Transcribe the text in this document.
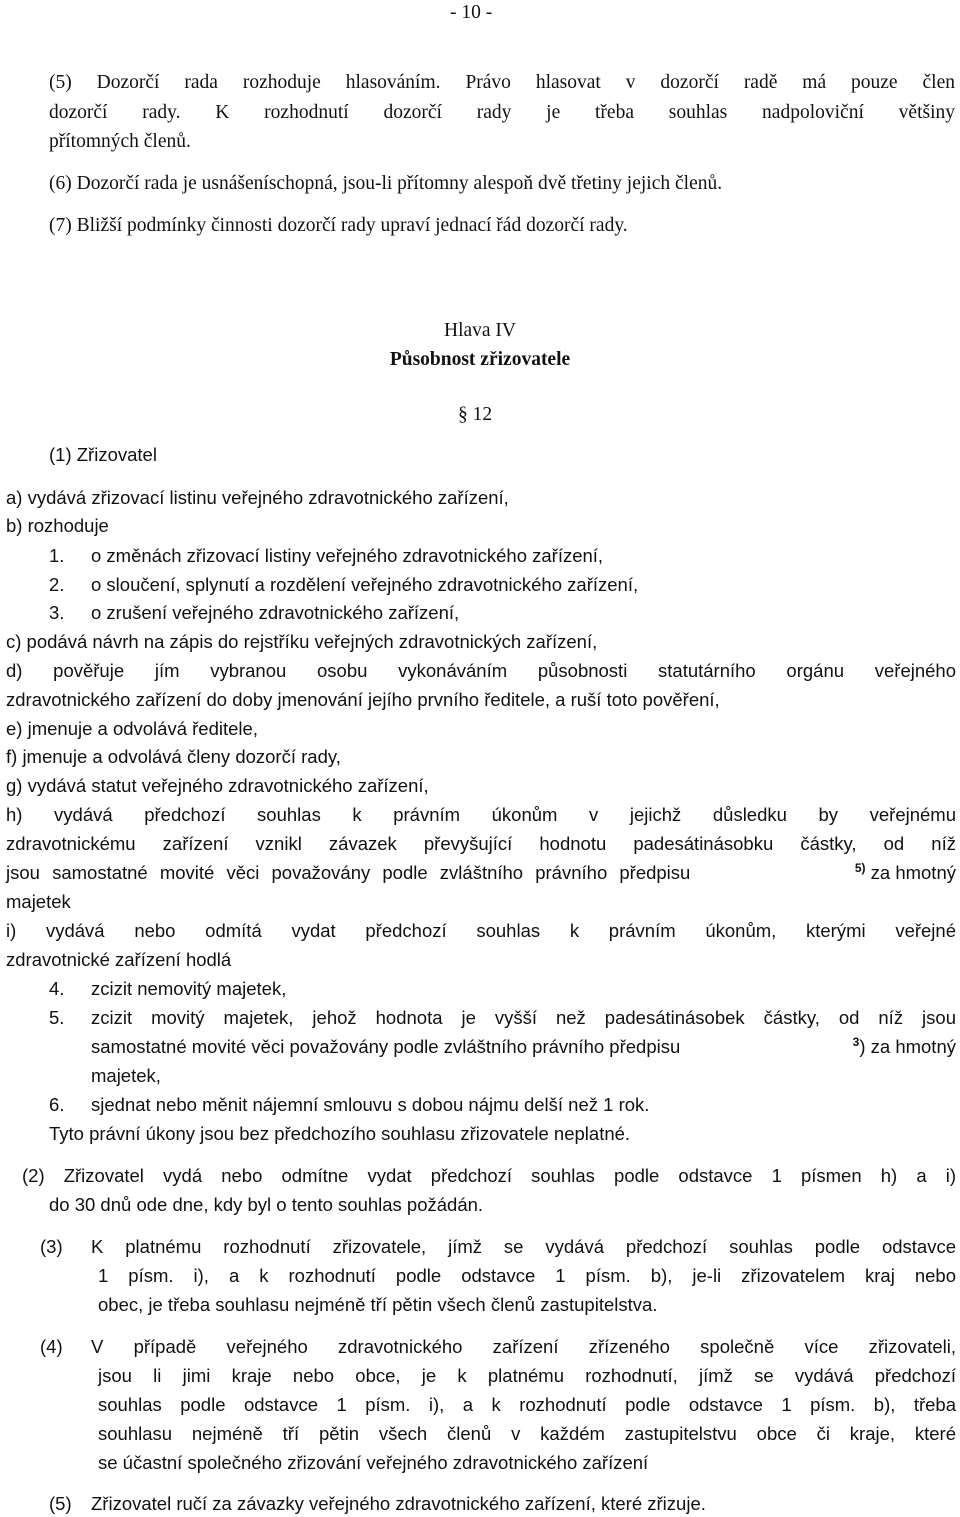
- 10 -
(5) Dozorčí rada rozhoduje hlasováním. Právo hlasovat v dozorčí radě má pouze člen
dozorčí rady. K rozhodnutí dozorčí rady je třeba souhlas nadpoloviční většiny
přítomných členů.
(6) Dozorčí rada je usnášeníschopná, jsou-li přítomny alespoň dvě třetiny jejich členů.
(7) Bližší podmínky činnosti dozorčí rady upraví jednací řád dozorčí rady.
Hlava IV
Působnost zřizovatele
§ 12
(1) Zřizovatel
a) vydává zřizovací listinu veřejného zdravotnického zařízení,
b) rozhoduje
1. o změnách zřizovací listiny veřejného zdravotnického zařízení,
2. o sloučení, splynutí a rozdělení veřejného zdravotnického zařízení,
3. o zrušení veřejného zdravotnického zařízení,
c) podává návrh na zápis do rejstříku veřejných zdravotnických zařízení,
d) pověřuje jím vybranou osobu vykonáváním působnosti statutárního orgánu veřejného
zdravotnického zařízení do doby jmenování jejího prvního ředitele, a ruší toto pověření,
e) jmenuje a odvolává ředitele,
f) jmenuje a odvolává členy dozorčí rady,
g) vydává statut veřejného zdravotnického zařízení,
h) vydává předchozí souhlas k právním úkonům v jejichž důsledku by veřejnému
zdravotnickému zařízení vznikl závazek převyšující hodnotu padesátinásobku částky, od níž
jsou samostatné movité věci považovány podle zvláštního právního předpisu	$^{5)}$ za hmotný
majetek
i) vydává nebo odmítá vydat předchozí souhlas k právním úkonům, kterými veřejné
zdravotnické zařízení hodlá
4. zcizit nemovitý majetek,
5. zcizit movitý majetek, jehož hodnota je vyšší než padesátinásobek částky, od níž jsou
samostatné movité věci považovány podle zvláštního právního předpisu	$^3$) za hmotný
majetek,
6. sjednat nebo měnit nájemní smlouvu s dobou nájmu delší než 1 rok.
Tyto právní úkony jsou bez předchozího souhlasu zřizovatele neplatné.
(2) Zřizovatel vydá nebo odmítne vydat předchozí souhlas podle odstavce 1 písmen h) a i)
do 30 dnů ode dne, kdy byl o tento souhlas požádán.
(3) K platnému rozhodnutí zřizovatele, jímž se vydává předchozí souhlas podle odstavce
1 písm. i), a k rozhodnutí podle odstavce 1 písm. b), je-li zřizovatelem kraj nebo
obec, je třeba souhlasu nejméně tří pětin všech členů zastupitelstva.
(4) V případě veřejného zdravotnického zařízení zřízeného společně více zřizovateli,
jsou li jimi kraje nebo obce, je k platnému rozhodnutí, jímž se vydává předchozí
souhlas podle odstavce 1 písm. i), a k rozhodnutí podle odstavce 1 písm. b), třeba
souhlasu nejméně tří pětin všech členů v každém zastupitelstvu obce či kraje, které
se účastní společného zřizování veřejného zdravotnického zařízení
(5) Zřizovatel ručí za závazky veřejného zdravotnického zařízení, které zřizuje.
